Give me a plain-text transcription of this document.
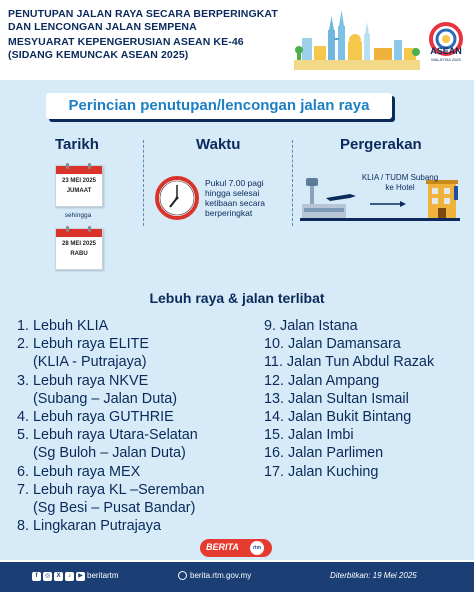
PENUTUPAN JALAN RAYA SECARA BERPERINGKAT
DAN LENCONGAN JALAN SEMPENA
MESYUARAT KEPENGERUSIAN ASEAN KE-46
(SIDANG KEMUNCAK ASEAN 2025)	ASEAN
MALAYSIA 2025
Perincian penutupan/lencongan jalan raya
Tarikh
23 MEI 2025
JUMAAT
sehingga
28 MEI 2025
RABU
Waktu
Pukul 7.00 pagi
hingga selesai
ketibaan secara
berperingkat
Pergerakan
KLIA / TUDM Subang
ke Hotel
Lebuh raya & jalan terlibat
1. Lebuh KLIA
2. Lebuh raya ELITE
(KLIA - Putrajaya)
3. Lebuh raya NKVE
(Subang – Jalan Duta)
4. Lebuh raya GUTHRIE
5. Lebuh raya Utara-Selatan
(Sg Buloh – Jalan Duta)
6. Lebuh raya MEX
7. Lebuh raya KL –Seremban
(Sg Besi – Pusat Bandar)
8. Lingkaran Putrajaya
9. Jalan Istana
10. Jalan Damansara
11. Jalan Tun Abdul Razak
12. Jalan Ampang
13. Jalan Sultan Ismail
14. Jalan Bukit Bintang
15. Jalan Imbi
16. Jalan Parlimen
17. Jalan Kuching
BERITA	rtm
f	◎	X	♪	▶ beritartm	berita.rtm.gov.my	Diterbitkan: 19 Mei 2025
